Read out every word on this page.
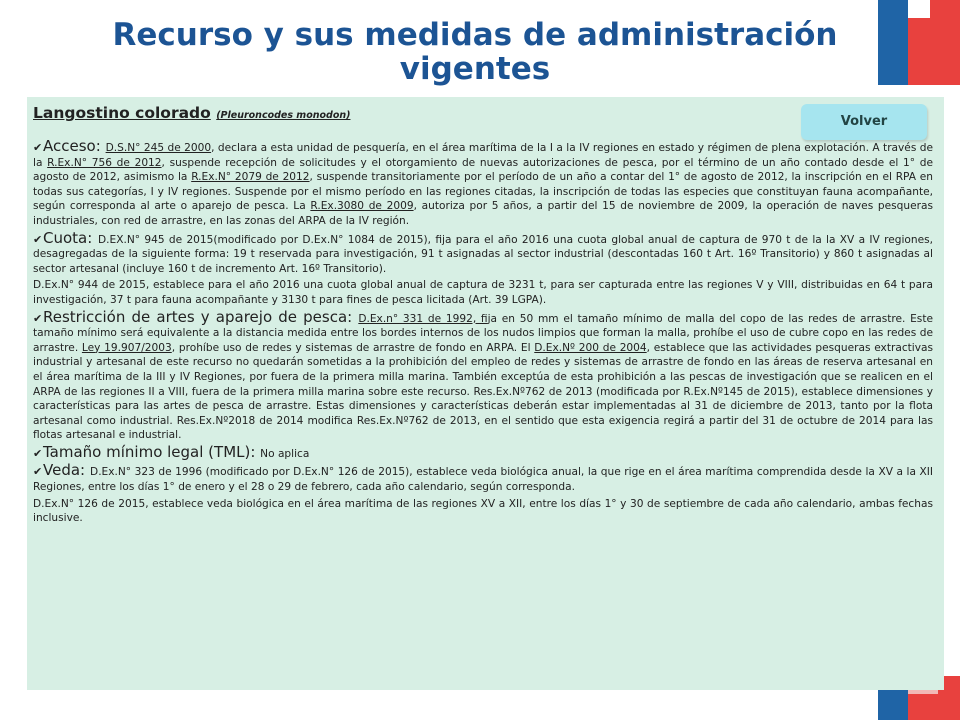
Recurso y sus medidas de administración vigentes
Volver
Langostino colorado (Pleuroncodes monodon)

✔Acceso: D.S.N° 245 de 2000, declara a esta unidad de pesquería, en el área marítima de la I a la IV regiones en estado y régimen de plena explotación. A través de la R.Ex.N° 756 de 2012, suspende recepción de solicitudes y el otorgamiento de nuevas autorizaciones de pesca, por el término de un año contado desde el 1° de agosto de 2012, asimismo la R.Ex.N° 2079 de 2012, suspende transitoriamente por el período de un año a contar del 1° de agosto de 2012, la inscripción en el RPA en todas sus categorías, I y IV regiones. Suspende por el mismo período en las regiones citadas, la inscripción de todas las especies que constituyan fauna acompañante, según corresponda al arte o aparejo de pesca. La R.Ex.3080 de 2009, autoriza por 5 años, a partir del 15 de noviembre de 2009, la operación de naves pesqueras industriales, con red de arrastre, en las zonas del ARPA de la IV región.

✔Cuota: D.EX.N° 945 de 2015(modificado por D.Ex.N° 1084 de 2015), fija para el año 2016 una cuota global anual de captura de 970 t de la la XV a IV regiones, desagregadas de la siguiente forma: 19 t reservada para investigación, 91 t asignadas al sector industrial (descontadas 160 t Art. 16º Transitorio) y 860 t asignadas al sector artesanal (incluye 160 t de incremento Art. 16º Transitorio).

D.Ex.N° 944 de 2015, establece para el año 2016 una cuota global anual de captura de 3231 t, para ser capturada entre las regiones V y VIII, distribuidas en 64 t para investigación, 37 t para fauna acompañante y 3130 t para fines de pesca licitada (Art. 39 LGPA).

✔Restricción de artes y aparejo de pesca: D.Ex.n° 331 de 1992, fija en 50 mm el tamaño mínimo de malla del copo de las redes de arrastre. Este tamaño mínimo será equivalente a la distancia medida entre los bordes internos de los nudos limpios que forman la malla, prohíbe el uso de cubre copo en las redes de arrastre. Ley 19.907/2003, prohíbe uso de redes y sistemas de arrastre de fondo en ARPA. El D.Ex.Nº 200 de 2004, establece que las actividades pesqueras extractivas industrial y artesanal de este recurso no quedarán sometidas a la prohibición del empleo de redes y sistemas de arrastre de fondo en las áreas de reserva artesanal en el área marítima de la III y IV Regiones, por fuera de la primera milla marina. También exceptúa de esta prohibición a las pescas de investigación que se realicen en el ARPA de las regiones II a VIII, fuera de la primera milla marina sobre este recurso. Res.Ex.Nº762 de 2013 (modificada por R.Ex.Nº145 de 2015), establece dimensiones y características para las artes de pesca de arrastre. Estas dimensiones y características deberán estar implementadas al 31 de diciembre de 2013, tanto por la flota artesanal como industrial. Res.Ex.Nº2018 de 2014 modifica Res.Ex.Nº762 de 2013, en el sentido que esta exigencia regirá a partir del 31 de octubre de 2014 para las flotas artesanal e industrial.

✔Tamaño mínimo legal (TML): No aplica

✔Veda: D.Ex.N° 323 de 1996 (modificado por D.Ex.N° 126 de 2015), establece veda biológica anual, la que rige en el área marítima comprendida desde la XV a la XII Regiones, entre los días 1° de enero y el 28 o 29 de febrero, cada año calendario, según corresponda.

D.Ex.N° 126 de 2015, establece veda biológica en el área marítima de las regiones XV a XII, entre los días 1° y 30 de septiembre de cada año calendario, ambas fechas inclusive.
